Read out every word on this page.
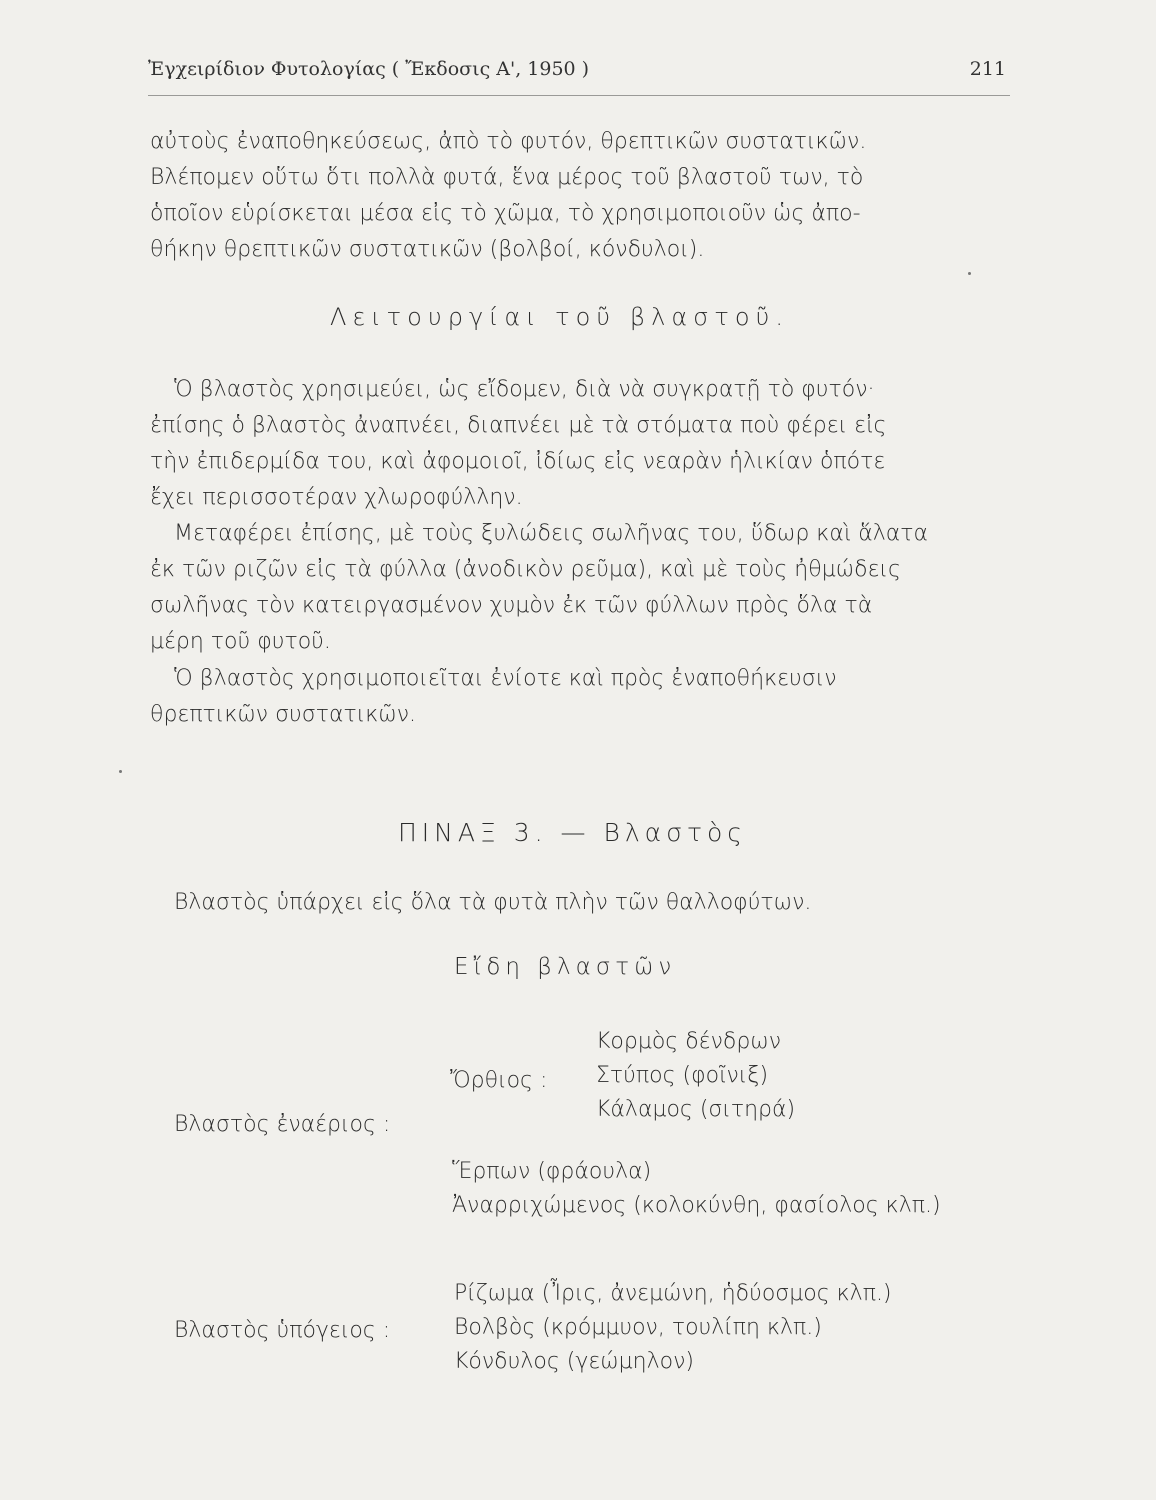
Ἐγχειρίδιον Φυτολογίας ( Ἔκδοσις Α', 1950 )	211
αὐτοὺς ἐναποθηκεύσεως, ἀπὸ τὸ φυτόν, θρεπτικῶν συστατικῶν.
Βλέπομεν οὕτω ὅτι πολλὰ φυτά, ἕνα μέρος τοῦ βλαστοῦ των, τὸ
ὁποῖον εὑρίσκεται μέσα εἰς τὸ χῶμα, τὸ χρησιμοποιοῦν ὡς ἀπο-
θήκην θρεπτικῶν συστατικῶν (βολβοί, κόνδυλοι).
Λειτουργίαι τοῦ βλαστοῦ.
Ὁ βλαστὸς χρησιμεύει, ὡς εἴδομεν, διὰ νὰ συγκρατῇ τὸ φυτόν·
ἐπίσης ὁ βλαστὸς ἀναπνέει, διαπνέει μὲ τὰ στόματα ποὺ φέρει εἰς
τὴν ἐπιδερμίδα του, καὶ ἀφομοιοῖ, ἰδίως εἰς νεαρὰν ἡλικίαν ὁπότε
ἔχει περισσοτέραν χλωροφύλλην.
Μεταφέρει ἐπίσης, μὲ τοὺς ξυλώδεις σωλῆνας του, ὕδωρ καὶ ἅλατα
ἐκ τῶν ριζῶν εἰς τὰ φύλλα (ἀνοδικὸν ρεῦμα), καὶ μὲ τοὺς ἠθμώδεις
σωλῆνας τὸν κατειργασμένον χυμὸν ἐκ τῶν φύλλων πρὸς ὅλα τὰ
μέρη τοῦ φυτοῦ.
Ὁ βλαστὸς χρησιμοποιεῖται ἐνίοτε καὶ πρὸς ἐναποθήκευσιν
θρεπτικῶν συστατικῶν.
ΠΙΝΑΞ 3. — Βλαστὸς
Βλαστὸς ὑπάρχει εἰς ὅλα τὰ φυτὰ πλὴν τῶν θαλλοφύτων.
Εἴδη βλαστῶν
Βλαστὸς ἐναέριος :
Ὄρθιος :
Κορμὸς δένδρων
Στύπος (φοῖνιξ)
Κάλαμος (σιτηρά)
Ἕρπων (φράουλα)
Ἀναρριχώμενος (κολοκύνθη, φασίολος κλπ.)
Βλαστὸς ὑπόγειος :
Ρίζωμα (Ἶρις, ἀνεμώνη, ἡδύοσμος κλπ.)
Βολβὸς (κρόμμυον, τουλίπη κλπ.)
Κόνδυλος (γεώμηλον)
